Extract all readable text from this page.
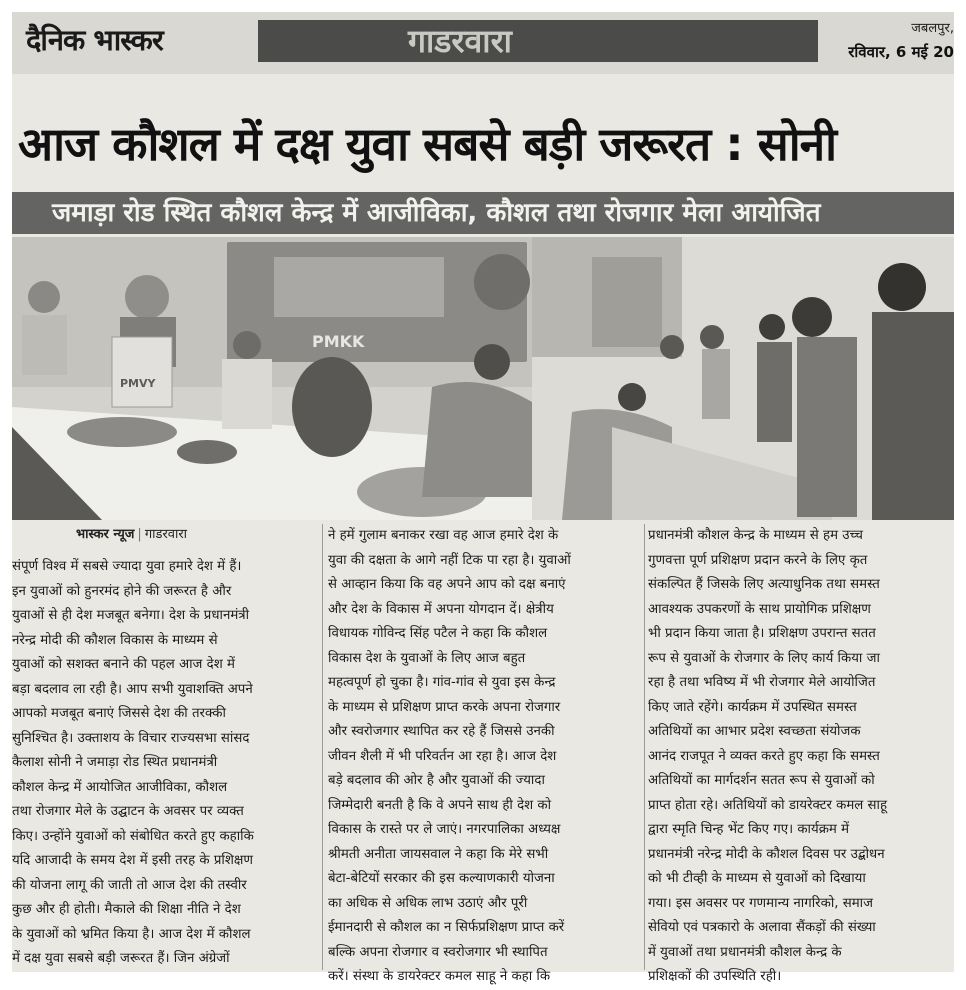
दैनिक भास्कर	गाडरवारा	जबलपुर,
रविवार, 6 मई 20
आज कौशल में दक्ष युवा सबसे बड़ी जरूरत : सोनी
जमाड़ा रोड स्थित कौशल केन्द्र में आजीविका, कौशल तथा रोजगार मेला आयोजित
PMKK
PMVY
भास्कर न्यूज | गाडरवारा
संपूर्ण विश्व में सबसे ज्यादा युवा हमारे देश में हैं।
इन युवाओं को हुनरमंद होने की जरूरत है और
युवाओं से ही देश मजबूत बनेगा। देश के प्रधानमंत्री
नरेन्द्र मोदी की कौशल विकास के माध्यम से
युवाओं को सशक्त बनाने की पहल आज देश में
बड़ा बदलाव ला रही है। आप सभी युवाशक्ति अपने
आपको मजबूत बनाएं जिससे देश की तरक्की
सुनिश्चित है। उक्ताशय के विचार राज्यसभा सांसद
कैलाश सोनी ने जमाड़ा रोड स्थित प्रधानमंत्री
कौशल केन्द्र में आयोजित आजीविका, कौशल
तथा रोजगार मेले के उद्घाटन के अवसर पर व्यक्त
किए। उन्होंने युवाओं को संबोधित करते हुए कहाकि
यदि आजादी के समय देश में इसी तरह के प्रशिक्षण
की योजना लागू की जाती तो आज देश की तस्वीर
कुछ और ही होती। मैकाले की शिक्षा नीति ने देश
के युवाओं को भ्रमित किया है। आज देश में कौशल
में दक्ष युवा सबसे बड़ी जरूरत हैं। जिन अंग्रेजों
ने हमें गुलाम बनाकर रखा वह आज हमारे देश के
युवा की दक्षता के आगे नहीं टिक पा रहा है। युवाओं
से आव्हान किया कि वह अपने आप को दक्ष बनाएं
और देश के विकास में अपना योगदान दें। क्षेत्रीय
विधायक गोविन्द सिंह पटैल ने कहा कि कौशल
विकास देश के युवाओं के लिए आज बहुत
महत्वपूर्ण हो चुका है। गांव-गांव से युवा इस केन्द्र
के माध्यम से प्रशिक्षण प्राप्त करके अपना रोजगार
और स्वरोजगार स्थापित कर रहे हैं जिससे उनकी
जीवन शैली में भी परिवर्तन आ रहा है। आज देश
बड़े बदलाव की ओर है और युवाओं की ज्यादा
जिम्मेदारी बनती है कि वे अपने साथ ही देश को
विकास के रास्ते पर ले जाएं। नगरपालिका अध्यक्ष
श्रीमती अनीता जायसवाल ने कहा कि मेरे सभी
बेटा-बेटियों सरकार की इस कल्याणकारी योजना
का अधिक से अधिक लाभ उठाएं और पूरी
ईमानदारी से कौशल का न सिर्फप्रशिक्षण प्राप्त करें
बल्कि अपना रोजगार व स्वरोजगार भी स्थापित
करें। संस्था के डायरेक्टर कमल साहू ने कहा कि
प्रधानमंत्री कौशल केन्द्र के माध्यम से हम उच्च
गुणवत्ता पूर्ण प्रशिक्षण प्रदान करने के लिए कृत
संकल्पित हैं जिसके लिए अत्याधुनिक तथा समस्त
आवश्यक उपकरणों के साथ प्रायोगिक प्रशिक्षण
भी प्रदान किया जाता है। प्रशिक्षण उपरान्त सतत
रूप से युवाओं के रोजगार के लिए कार्य किया जा
रहा है तथा भविष्य में भी रोजगार मेले आयोजित
किए जाते रहेंगे। कार्यक्रम में उपस्थित समस्त
अतिथियों का आभार प्रदेश स्वच्छता संयोजक
आनंद राजपूत ने व्यक्त करते हुए कहा कि समस्त
अतिथियों का मार्गदर्शन सतत रूप से युवाओं को
प्राप्त होता रहे। अतिथियों को डायरेक्टर कमल साहू
द्वारा स्मृति चिन्ह भेंट किए गए। कार्यक्रम में
प्रधानमंत्री नरेन्द्र मोदी के कौशल दिवस पर उद्बोधन
को भी टीव्ही के माध्यम से युवाओं को दिखाया
गया। इस अवसर पर गणमान्य नागरिको, समाज
सेवियो एवं पत्रकारो के अलावा सैंकड़ों की संख्या
में युवाओं तथा प्रधानमंत्री कौशल केन्द्र के
प्रशिक्षकों की उपस्थिति रही।
